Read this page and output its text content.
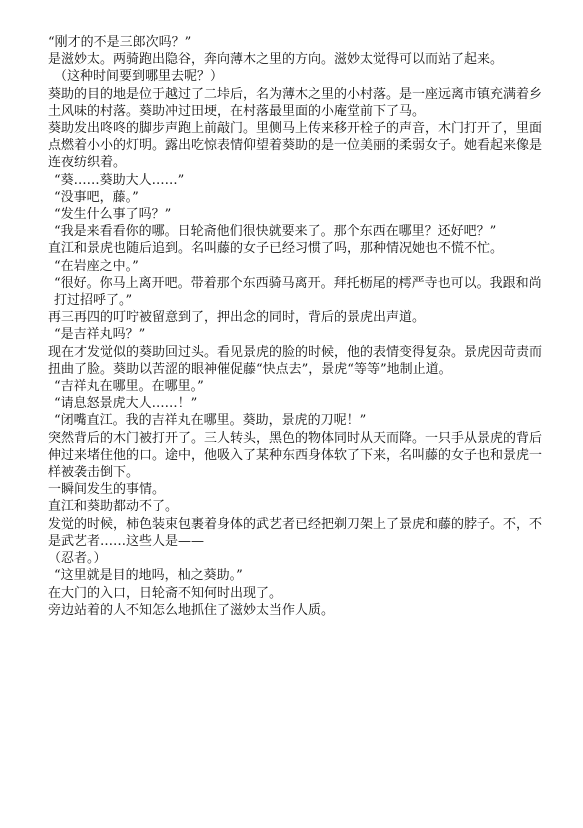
“刚才的不是三郎次吗？”

是滋妙太。两骑跑出隐谷，奔向薄木之里的方向。滋妙太觉得可以而站了起来。

（这种时间要到哪里去呢？）

葵助的目的地是位于越过了二垰后，名为薄木之里的小村落。是一座远离市镇充满着乡土风味的村落。葵助冲过田埂，在村落最里面的小庵堂前下了马。

葵助发出咚咚的脚步声跑上前敲门。里侧马上传来移开栓子的声音，木门打开了，里面点燃着小小的灯明。露出吃惊表情仰望着葵助的是一位美丽的柔弱女子。她看起来像是连夜纺织着。

“葵……葵助大人……”

“没事吧，藤。”

“发生什么事了吗？”

“我是来看看你的哪。日轮斋他们很快就要来了。那个东西在哪里？还好吧？”

直江和景虎也随后追到。名叫藤的女子已经习惯了吗，那种情况她也不慌不忙。

“在岩座之中。”

“很好。你马上离开吧。带着那个东西骑马离开。拜托枥尾的樗严寺也可以。我跟和尚打过招呼了。”

再三再四的叮咛被留意到了，押出念的同时，背后的景虎出声道。

“是吉祥丸吗？”

现在才发觉似的葵助回过头。看见景虎的脸的时候，他的表情变得复杂。景虎因苛责而扭曲了脸。葵助以苦涩的眼神催促藤“快点去”，景虎“等等”地制止道。

“吉祥丸在哪里。在哪里。”

“请息怒景虎大人……！”

“闭嘴直江。我的吉祥丸在哪里。葵助，景虎的刀呢！”

突然背后的木门被打开了。三人转头，黑色的物体同时从天而降。一只手从景虎的背后伸过来堵住他的口。途中，他吸入了某种东西身体软了下来，名叫藤的女子也和景虎一样被袭击倒下。

一瞬间发生的事情。

直江和葵助都动不了。

发觉的时候，柿色装束包裹着身体的武艺者已经把剃刀架上了景虎和藤的脖子。不，不是武艺者……这些人是——

（忍者。）

“这里就是目的地吗，杣之葵助。”

在大门的入口，日轮斋不知何时出现了。

旁边站着的人不知怎么地抓住了滋妙太当作人质。
